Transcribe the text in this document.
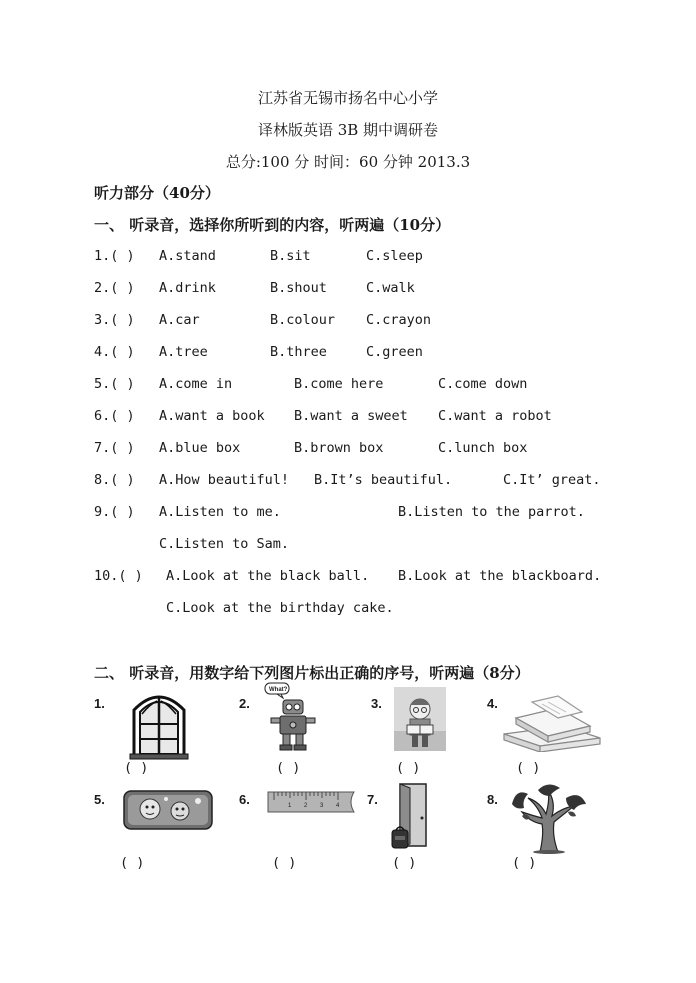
江苏省无锡市扬名中心小学
译林版英语 3B 期中调研卷
总分:100 分 时间：60 分钟 2013.3
听力部分（40分）
一、 听录音，选择你所听到的内容，听两遍（10分）
1.( ) A.stand	B.sit	C.sleep
2.( ) A.drink	B.shout	C.walk
3.( ) A.car	B.colour C.crayon
4.( ) A.tree	B.three	C.green
5.( ) A.come in	B.come here	C.come down
6.( ) A.want a book B.want a sweet C.want a robot
7.( ) A.blue box	B.brown box	C.lunch box
8.( ) A.How beautiful! B.It’s beautiful.	C.It’ great.
9.( ) A.Listen to me.	B.Listen to the parrot.
C.Listen to Sam.
10.( ) A.Look at the black ball. B.Look at the blackboard.
C.Look at the birthday cake.
二、 听录音，用数字给下列图片标出正确的序号，听两遍（8分）
1.	2.	3.	4.
What?
( )	( )	( )	( )
5.	6.	7.	8.
1 2 3 4
( )	( )	( )	( )
